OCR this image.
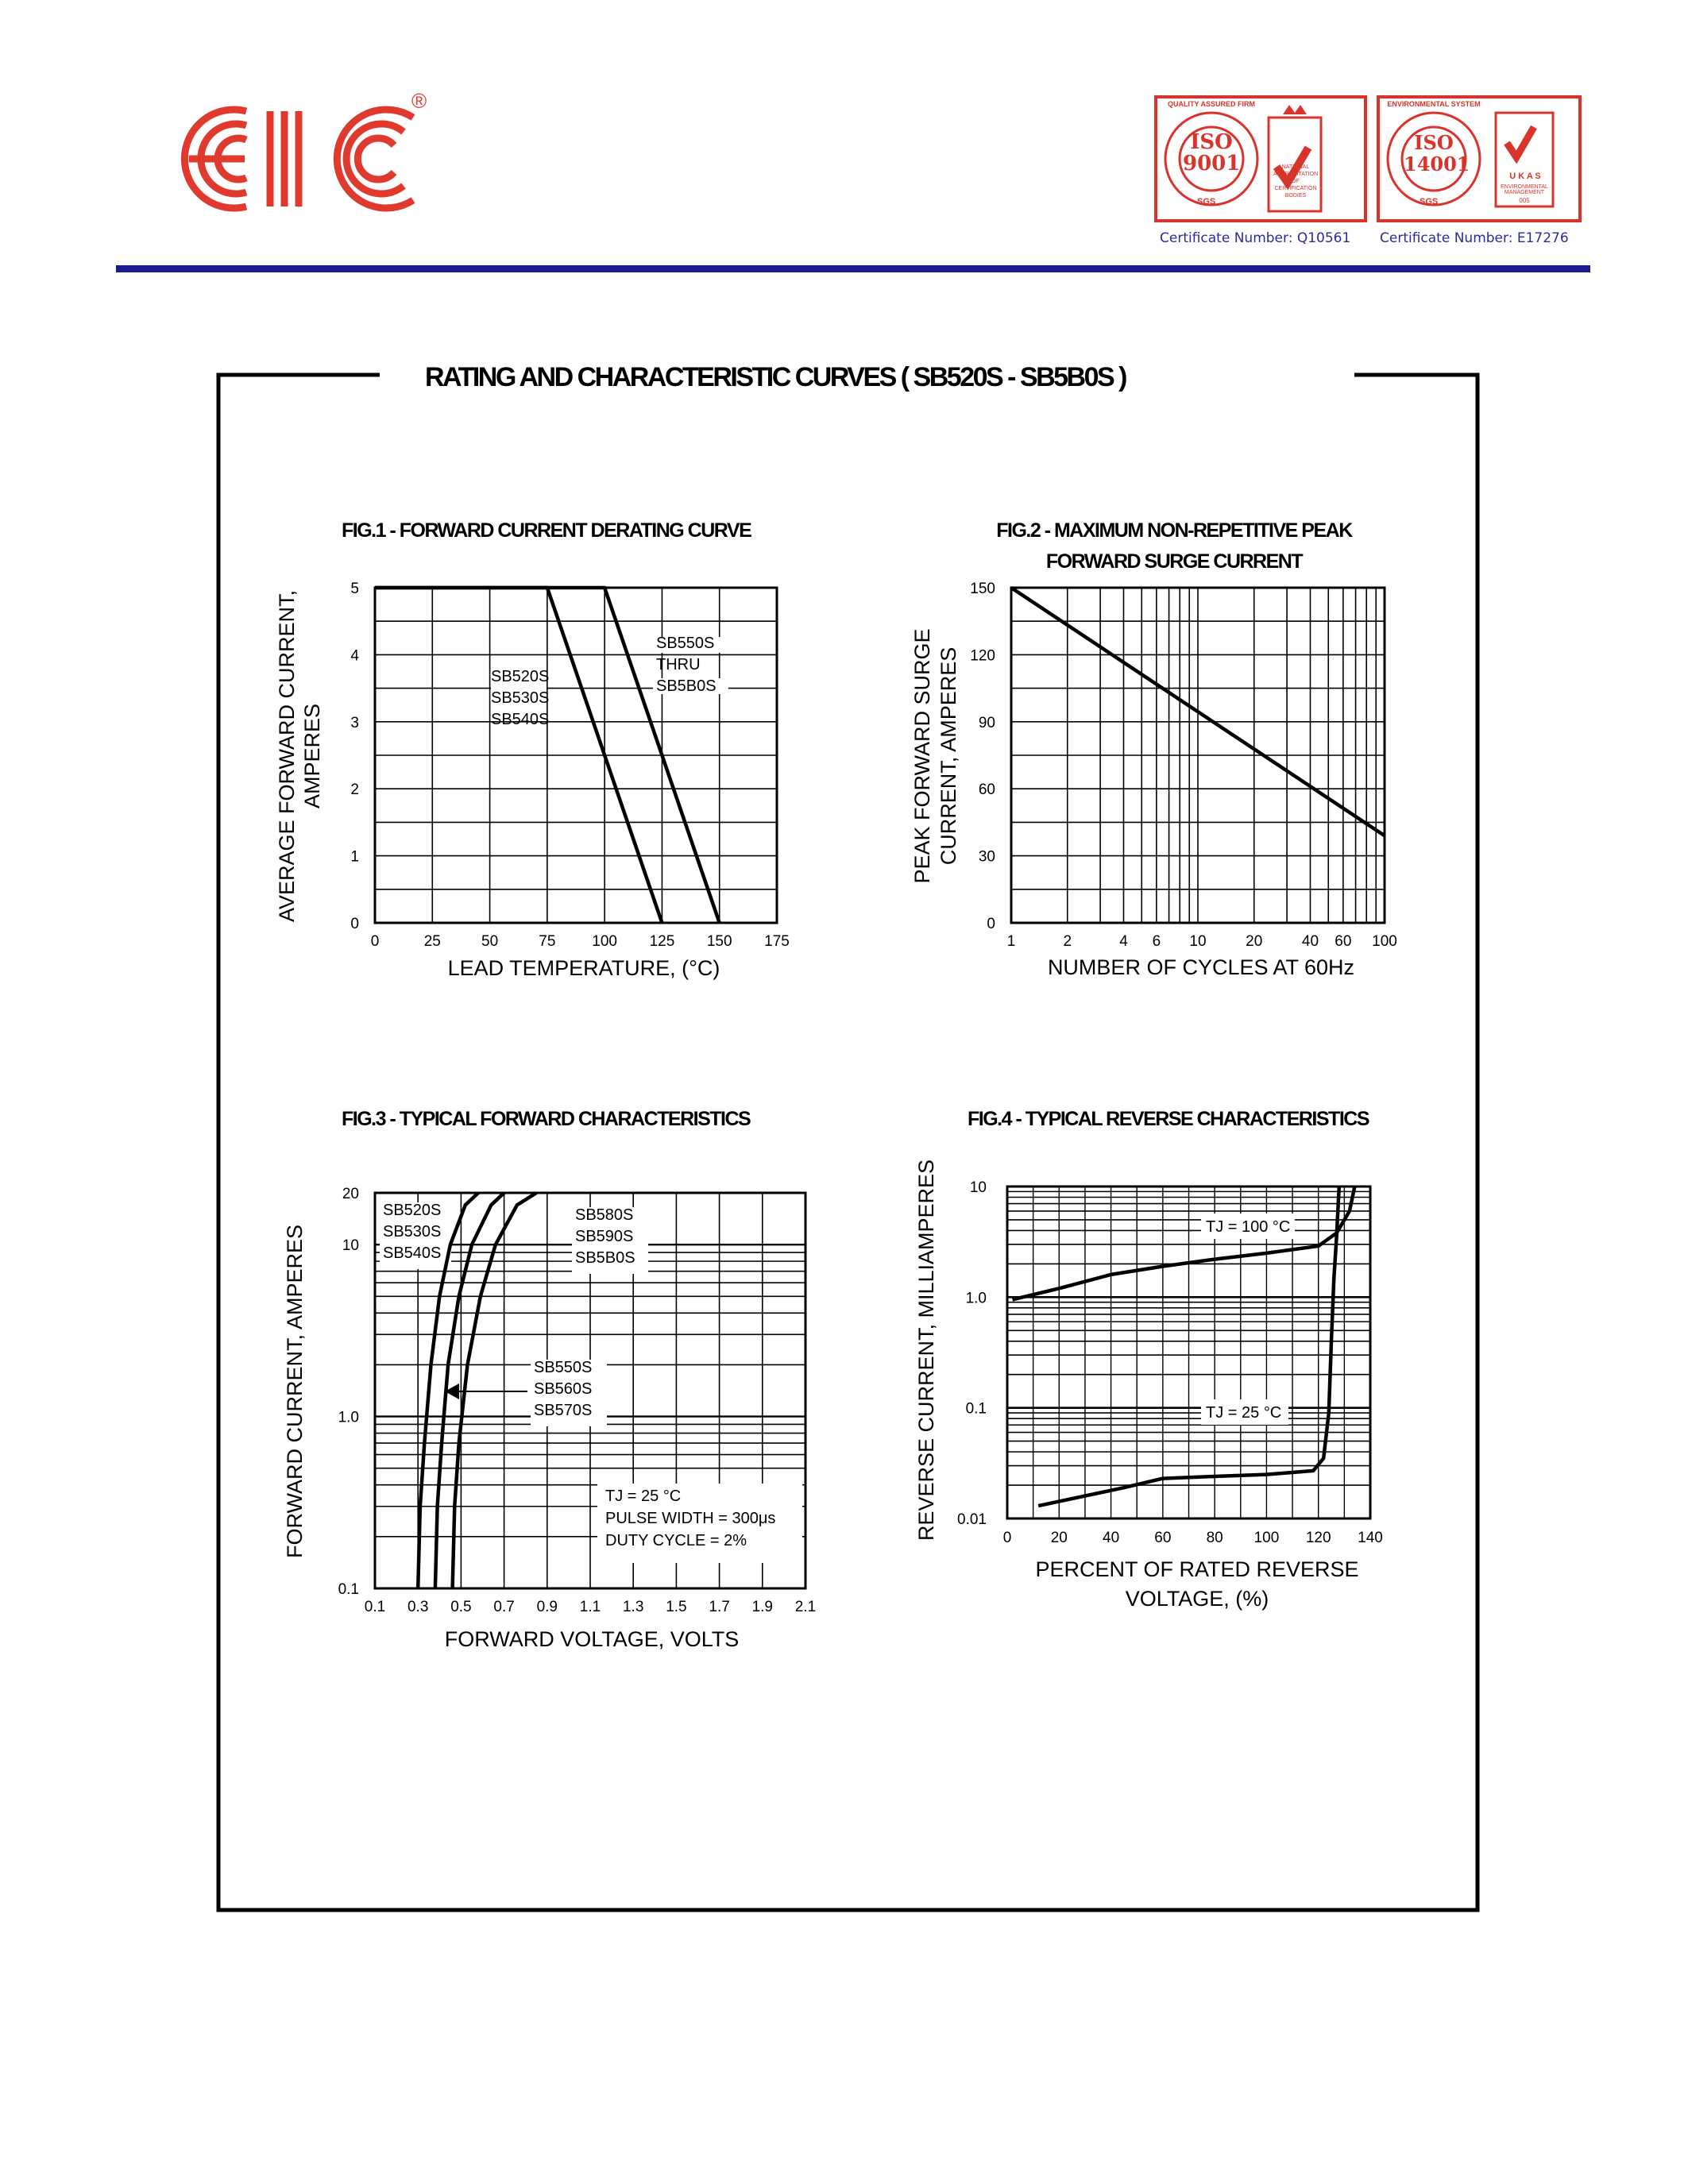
®
ISO
9001
SGS
QUALITY ASSURED FIRM
NATIONAL ACCREDITATION OF CERTIFICATION BODIES
Certificate Number: Q10561
ISO
14001
SGS
ENVIRONMENTAL SYSTEM
U K A S
ENVIRONMENTAL MANAGEMENT
005
Certificate Number: E17276
RATING AND CHARACTERISTIC CURVES ( SB520S - SB5B0S )
FIG.1 - FORWARD CURRENT DERATING CURVE	FIG.2 - MAXIMUM NON-REPETITIVE PEAK
FORWARD SURGE CURRENT
FIG.3 - TYPICAL FORWARD CHARACTERISTICS	FIG.4 - TYPICAL REVERSE CHARACTERISTICS
0	25	50	75 100 125 150 175
0
1
2
3
4
5
SB520S
SB530S
SB540S
SB550S
THRU
SB5B0S
LEAD TEMPERATURE, (°C)
AVERAGE FORWARD CURRENT, AMPERES
1	2	4 6 10	20	40 60 100
0
30
60
90
120
150
NUMBER OF CYCLES AT 60Hz
PEAK FORWARD SURGE CURRENT, AMPERES
0.1 0.3 0.5 0.7 0.9 1.1 1.3 1.5 1.7 1.9 2.1
0.1
1.0
10
20
SB520S
SB530S
SB540S
SB580S
SB590S
SB5B0S
SB550S
SB560S
SB570S
TJ = 25 °C
PULSE WIDTH = 300μs
DUTY CYCLE = 2%
FORWARD VOLTAGE, VOLTS
FORWARD CURRENT, AMPERES	0	20 40 60 80 100 120 140
0.01
0.1
1.0
10
TJ = 100 °C
TJ = 25 °C
PERCENT OF RATED REVERSE
VOLTAGE, (%)
REVERSE CURRENT, MILLIAMPERES
